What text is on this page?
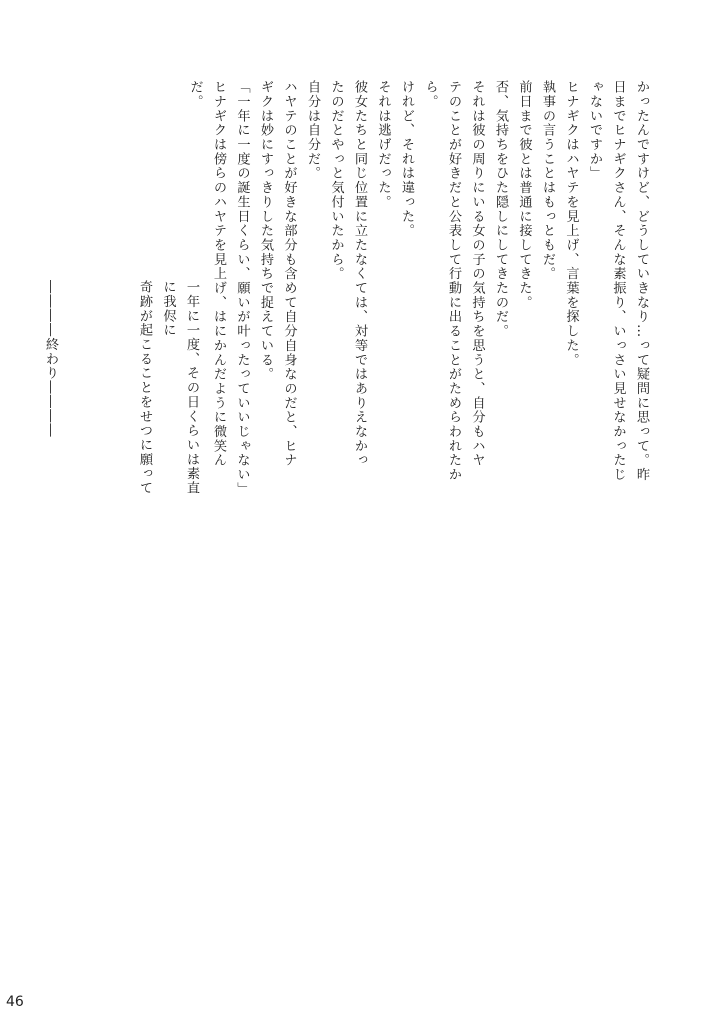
かったんですけど、どうしていきなり…って疑問に思って。昨
日までヒナギクさん、そんな素振り、いっさい見せなかったじ
ゃないですか」
ヒナギクはハヤテを見上げ、言葉を探した。
執事の言うことはもっともだ。
前日まで彼とは普通に接してきた。
否、気持ちをひた隠しにしてきたのだ。
それは彼の周りにいる女の子の気持ちを思うと、自分もハヤ
テのことが好きだと公表して行動に出ることがためらわれたか
ら。
けれど、それは違った。
それは逃げだった。
彼女たちと同じ位置に立たなくては、対等ではありえなかっ
たのだとやっと気付いたから。
自分は自分だ。
ハヤテのことが好きな部分も含めて自分自身なのだと、ヒナ
ギクは妙にすっきりした気持ちで捉えている。
「一年に一度の誕生日くらい、願いが叶ったっていいじゃない」
ヒナギクは傍らのハヤテを見上げ、はにかんだように微笑ん
だ。
一年に一度、その日くらいは素直に我侭に
奇跡が起こることをせつに願って

――――終わり――――
46
